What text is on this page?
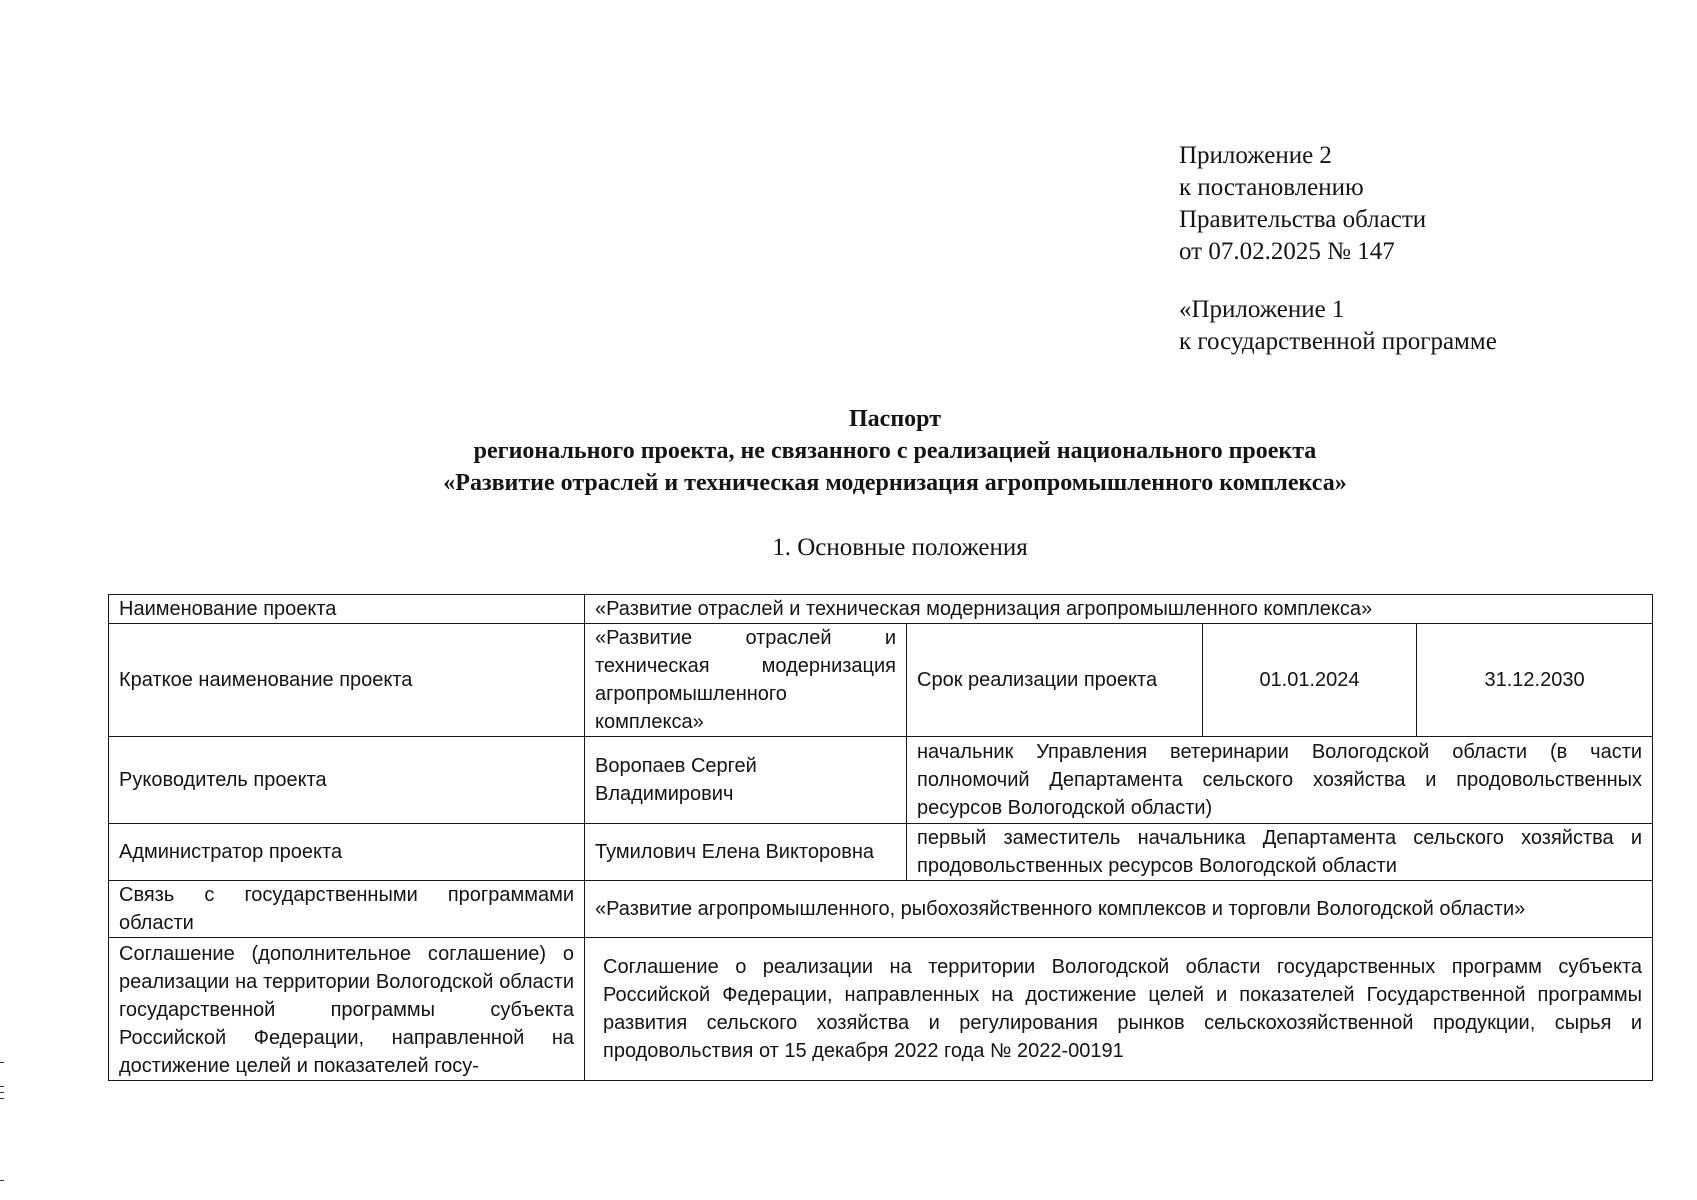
Приложение 2
к постановлению
Правительства области
от 07.02.2025 № 147
«Приложение 1
к государственной программе
Паспорт
регионального проекта, не связанного с реализацией национального проекта
«Развитие отраслей и техническая модернизация агропромышленного комплекса»
1. Основные положения
Наименование проекта	«Развитие отраслей и техническая модернизация агропромышленного комплекса»			
Краткое наименование проекта	«Развитие отраслей и техническая модернизация агропромышленного комплекса»	Срок реализации проекта	01.01.2024	31.12.2030
Руководитель проекта	Воропаев Сергей Владимирович	начальник Управления ветеринарии Вологодской области (в части полномочий Департамента сельского хозяйства и продовольственных ресурсов Вологодской области)		
Администратор проекта	Тумилович Елена Викторовна	первый заместитель начальника Департамента сельского хозяйства и продовольственных ресурсов Вологодской области		
Связь с государственными программами области	«Развитие агропромышленного, рыбохозяйственного комплексов и торговли Вологодской области»			
Соглашение (дополнительное соглашение) о реализации на территории Вологодской области государственной программы субъекта Российской Федерации, направленной на достижение целей и показателей госу-	Соглашение о реализации на территории Вологодской области государственных программ субъекта Российской Федерации, направленных на достижение целей и показателей Государственной программы развития сельского хозяйства и регулирования рынков сельскохозяйственной продукции, сырья и продовольствия от 15 декабря 2022 года № 2022-00191			
